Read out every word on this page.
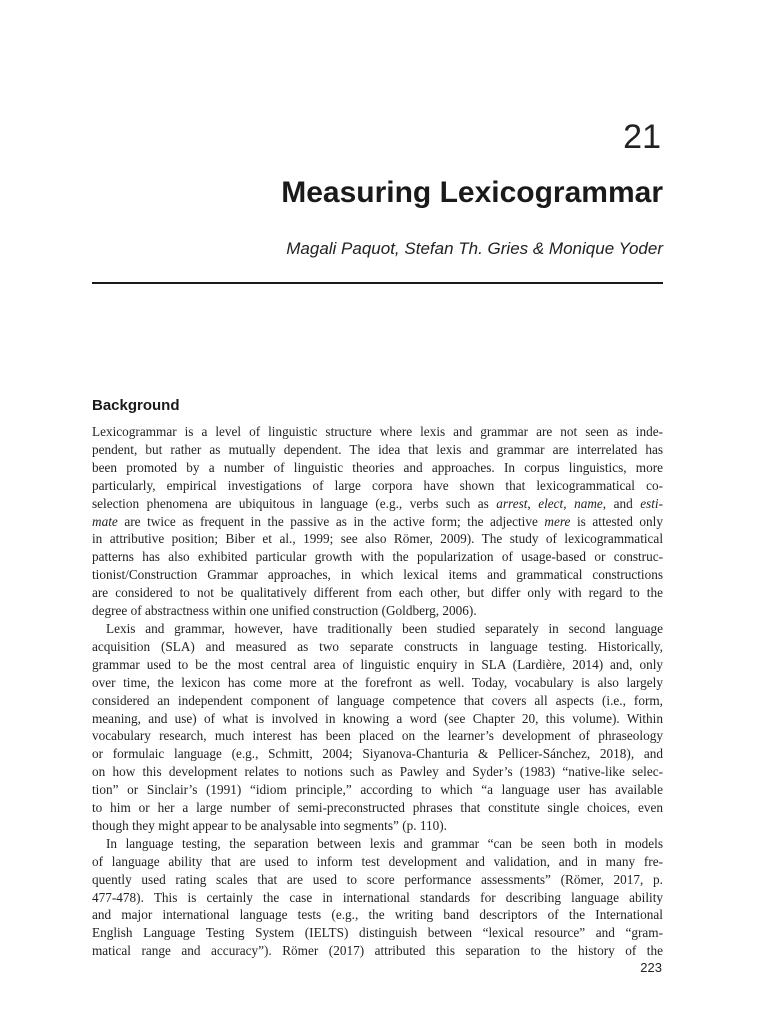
21
Measuring Lexicogrammar
Magali Paquot, Stefan Th. Gries & Monique Yoder
Background
Lexicogrammar is a level of linguistic structure where lexis and grammar are not seen as inde-
pendent, but rather as mutually dependent. The idea that lexis and grammar are interrelated has
been promoted by a number of linguistic theories and approaches. In corpus linguistics, more
particularly, empirical investigations of large corpora have shown that lexicogrammatical co-
selection phenomena are ubiquitous in language (e.g., verbs such as arrest, elect, name, and esti-
mate are twice as frequent in the passive as in the active form; the adjective mere is attested only
in attributive position; Biber et al., 1999; see also Römer, 2009). The study of lexicogrammatical
patterns has also exhibited particular growth with the popularization of usage-based or construc-
tionist/Construction Grammar approaches, in which lexical items and grammatical constructions
are considered to not be qualitatively different from each other, but differ only with regard to the
degree of abstractness within one unified construction (Goldberg, 2006).
Lexis and grammar, however, have traditionally been studied separately in second language
acquisition (SLA) and measured as two separate constructs in language testing. Historically,
grammar used to be the most central area of linguistic enquiry in SLA (Lardière, 2014) and, only
over time, the lexicon has come more at the forefront as well. Today, vocabulary is also largely
considered an independent component of language competence that covers all aspects (i.e., form,
meaning, and use) of what is involved in knowing a word (see Chapter 20, this volume). Within
vocabulary research, much interest has been placed on the learner’s development of phraseology
or formulaic language (e.g., Schmitt, 2004; Siyanova-Chanturia & Pellicer-Sánchez, 2018), and
on how this development relates to notions such as Pawley and Syder’s (1983) “native-like selec-
tion” or Sinclair’s (1991) “idiom principle,” according to which “a language user has available
to him or her a large number of semi-preconstructed phrases that constitute single choices, even
though they might appear to be analysable into segments” (p. 110).
In language testing, the separation between lexis and grammar “can be seen both in models
of language ability that are used to inform test development and validation, and in many fre-
quently used rating scales that are used to score performance assessments” (Römer, 2017, p.
477-478). This is certainly the case in international standards for describing language ability
and major international language tests (e.g., the writing band descriptors of the International
English Language Testing System (IELTS) distinguish between “lexical resource” and “gram-
matical range and accuracy”). Römer (2017) attributed this separation to the history of the
223
